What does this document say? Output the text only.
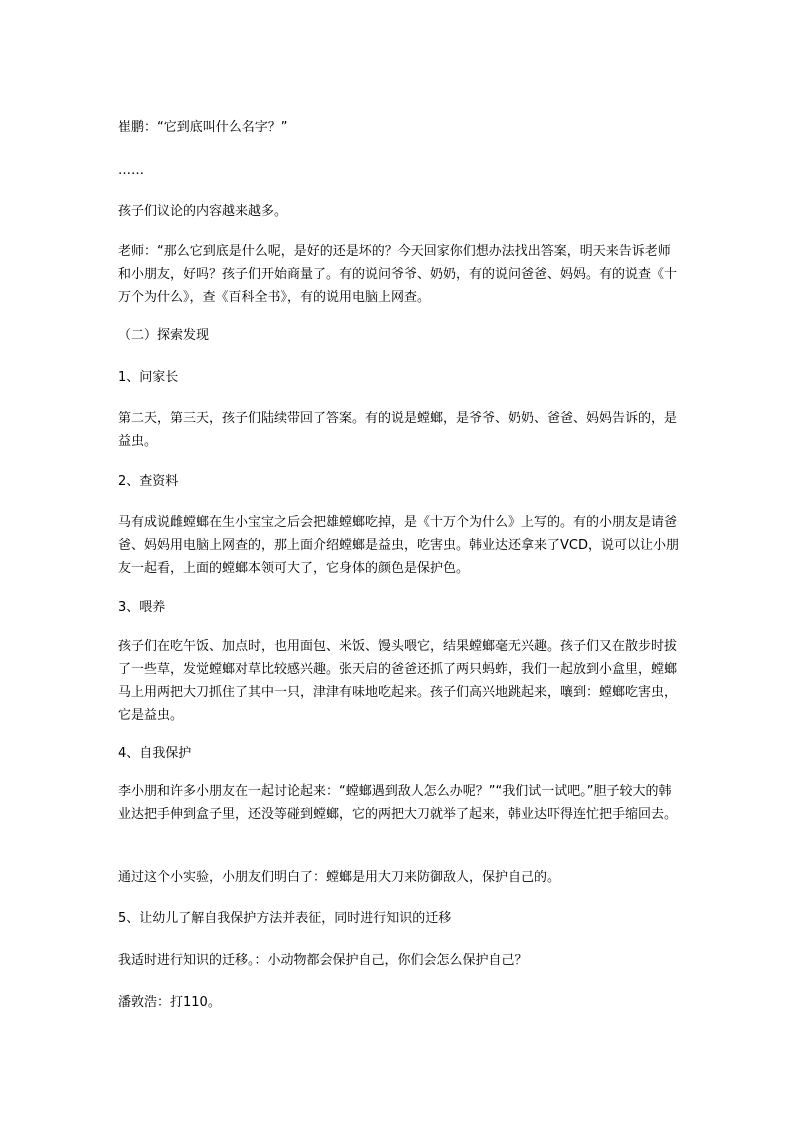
崔鹏：“它到底叫什么名字？”

……

孩子们议论的内容越来越多。

老师：“那么它到底是什么呢，是好的还是坏的？今天回家你们想办法找出答案，明天来告诉老师和小朋友，好吗？孩子们开始商量了。有的说问爷爷、奶奶，有的说问爸爸、妈妈。有的说查《十万个为什么》，查《百科全书》，有的说用电脑上网查。

（二）探索发现

1、问家长

第二天，第三天，孩子们陆续带回了答案。有的说是螳螂，是爷爷、奶奶、爸爸、妈妈告诉的，是益虫。

2、查资料

马有成说雌螳螂在生小宝宝之后会把雄螳螂吃掉，是《十万个为什么》上写的。有的小朋友是请爸爸、妈妈用电脑上网查的，那上面介绍螳螂是益虫，吃害虫。韩业达还拿来了VCD，说可以让小朋友一起看，上面的螳螂本领可大了，它身体的颜色是保护色。

3、喂养

孩子们在吃午饭、加点时，也用面包、米饭、馒头喂它，结果螳螂毫无兴趣。孩子们又在散步时拔了一些草，发觉螳螂对草比较感兴趣。张天启的爸爸还抓了两只蚂蚱，我们一起放到小盒里，螳螂马上用两把大刀抓住了其中一只，津津有味地吃起来。孩子们高兴地跳起来，嚷到：螳螂吃害虫，它是益虫。

4、自我保护

李小朋和许多小朋友在一起讨论起来：“螳螂遇到敌人怎么办呢？”“我们试一试吧。”胆子较大的韩业达把手伸到盒子里，还没等碰到螳螂，它的两把大刀就举了起来，韩业达吓得连忙把手缩回去。

通过这个小实验，小朋友们明白了：螳螂是用大刀来防御敌人，保护自己的。

5、让幼儿了解自我保护方法并表征，同时进行知识的迁移

我适时进行知识的迁移。：小动物都会保护自己，你们会怎么保护自己？

潘敦浩：打110。
